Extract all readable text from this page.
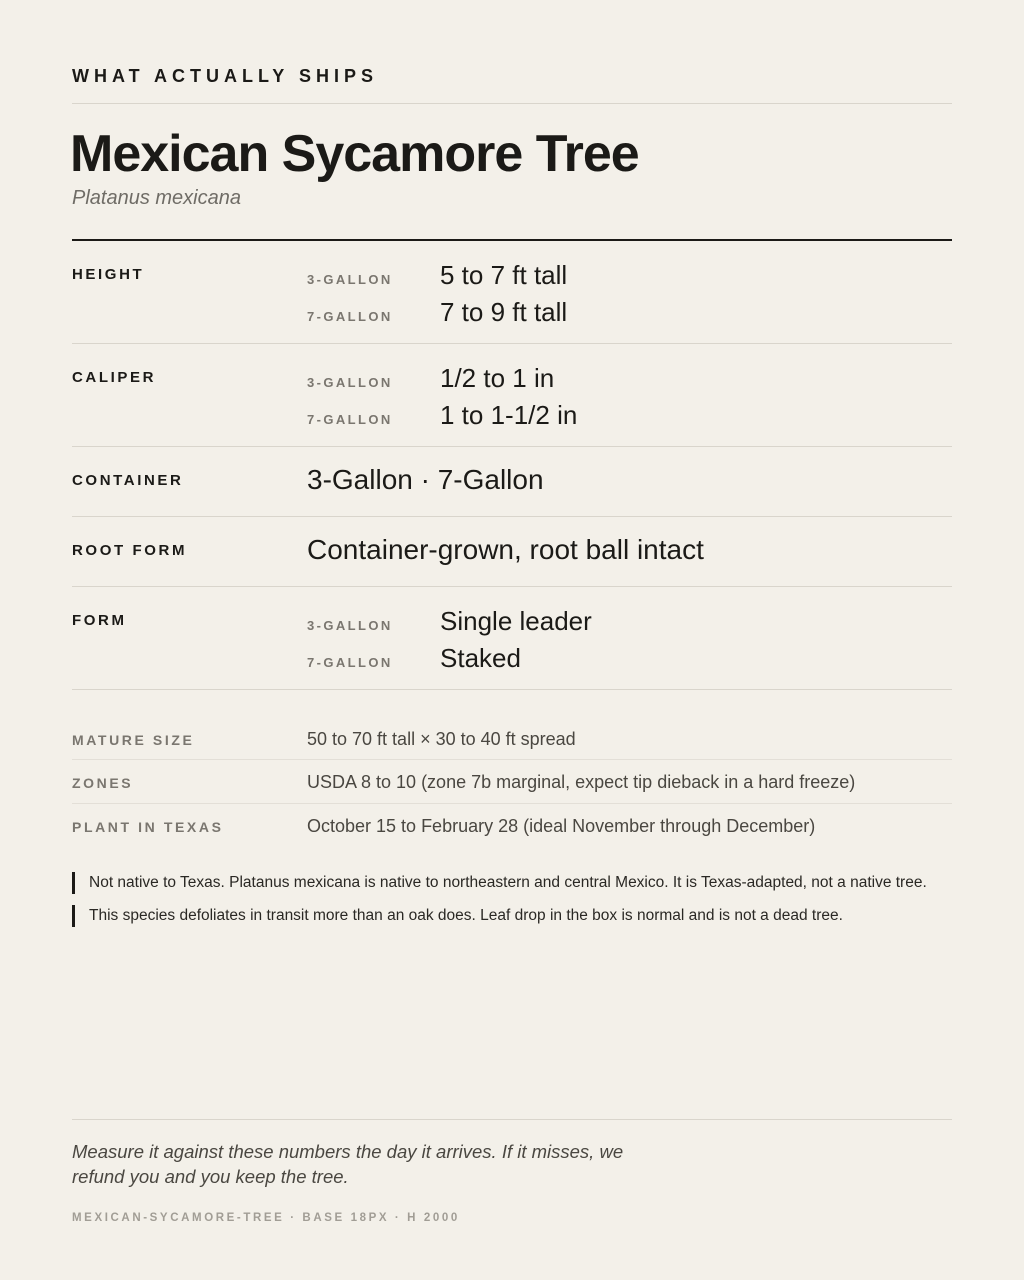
WHAT ACTUALLY SHIPS
Mexican Sycamore Tree
Platanus mexicana
HEIGHT	3-GALLON 5 to 7 ft tall
7-GALLON 7 to 9 ft tall
CALIPER	3-GALLON 1/2 to 1 in
7-GALLON 1 to 1-1/2 in
CONTAINER	3-Gallon · 7-Gallon
ROOT FORM	Container-grown, root ball intact
FORM	3-GALLON Single leader
7-GALLON Staked
MATURE SIZE	50 to 70 ft tall × 30 to 40 ft spread
ZONES	USDA 8 to 10 (zone 7b marginal, expect tip dieback in a hard freeze)
PLANT IN TEXAS	October 15 to February 28 (ideal November through December)
Not native to Texas. Platanus mexicana is native to northeastern and central Mexico. It is Texas-adapted, not a native tree.
This species defoliates in transit more than an oak does. Leaf drop in the box is normal and is not a dead tree.
Measure it against these numbers the day it arrives. If it misses, we refund you and you keep the tree.
MEXICAN-SYCAMORE-TREE · BASE 18PX · H 2000
